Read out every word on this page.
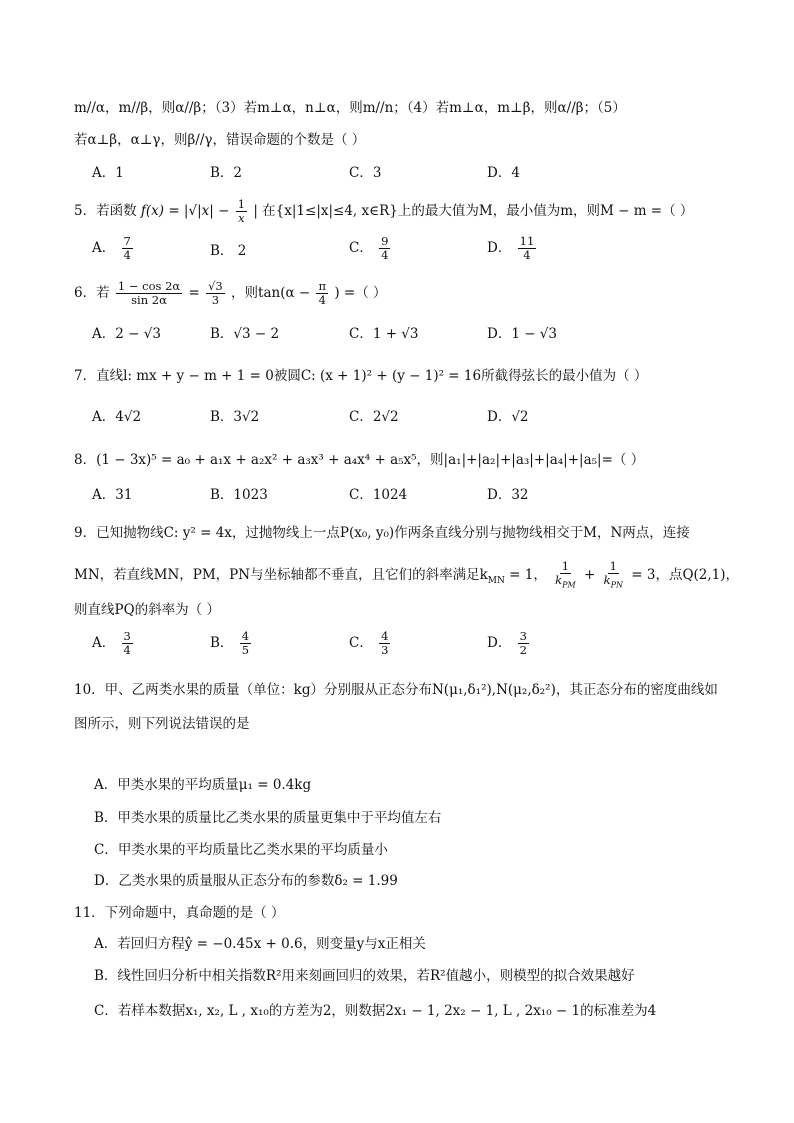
m//α，m//β，则α//β；（3）若m⊥α，n⊥α，则m//n；（4）若m⊥α，m⊥β，则α//β；（5）
若α⊥β，α⊥γ，则β//γ，错误命题的个数是（ ）
A．1	B．2	C．3	D．4
5．若函数 $f(x) = |√|x| - \frac{1}{x}$ | 在{x|1≤|x|≤4, x∈R}上的最大值为M，最小值为m，则M − m =（ ）
A． $\frac{7}{4}$	B． 2	C． $\frac{9}{4}$	D． $\frac{11}{4}$
6．若 $\frac{1 - \cos 2\alpha}{\sin 2\alpha} = \frac{√3}{3}$ ，则$\tan(\alpha - \frac{\pi}{4}$ ) =（ ）
A．2 − √3	B．√3 − 2	C．1 + √3	D．1 − √3
7．直线l: mx + y − m + 1 = 0被圆C: (x + 1)² + (y − 1)² = 16所截得弦长的最小值为（ ）
A．4√2	B．3√2	C．2√2	D．√2
8．(1 − 3x)⁵ = a₀ + a₁x + a₂x² + a₃x³ + a₄x⁴ + a₅x⁵，则|a₁|+|a₂|+|a₃|+|a₄|+|a₅|=（ ）
A．31	B．1023	C．1024	D．32
9．已知抛物线C: y² = 4x，过抛物线上一点P(x₀, y₀)作两条直线分别与抛物线相交于M，N两点，连接
MN，若直线MN，PM，PN与坐标轴都不垂直，且它们的斜率满足$k_{MN} = 1$， $\frac{1}{k_{PM}} + \frac{1}{k_{PN}} = 3$，点Q(2,1)，
则直线PQ的斜率为（ ）
A． $\frac{3}{4}$	B． $\frac{4}{5}$	C． $\frac{4}{3}$	D． $\frac{3}{2}$
10．甲、乙两类水果的质量（单位：kg）分别服从正态分布N(μ₁,δ₁²),N(μ₂,δ₂²)，其正态分布的密度曲线如
图所示，则下列说法错误的是
A．甲类水果的平均质量μ₁ = 0.4kg
B．甲类水果的质量比乙类水果的质量更集中于平均值左右
C．甲类水果的平均质量比乙类水果的平均质量小
D．乙类水果的质量服从正态分布的参数δ₂ = 1.99
11．下列命题中，真命题的是（ ）
A．若回归方程ŷ = −0.45x + 0.6，则变量y与x正相关
B．线性回归分析中相关指数R²用来刻画回归的效果，若R²值越小，则模型的拟合效果越好
C．若样本数据x₁, x₂, L , x₁₀的方差为2，则数据2x₁ − 1, 2x₂ − 1, L , 2x₁₀ − 1的标准差为4
